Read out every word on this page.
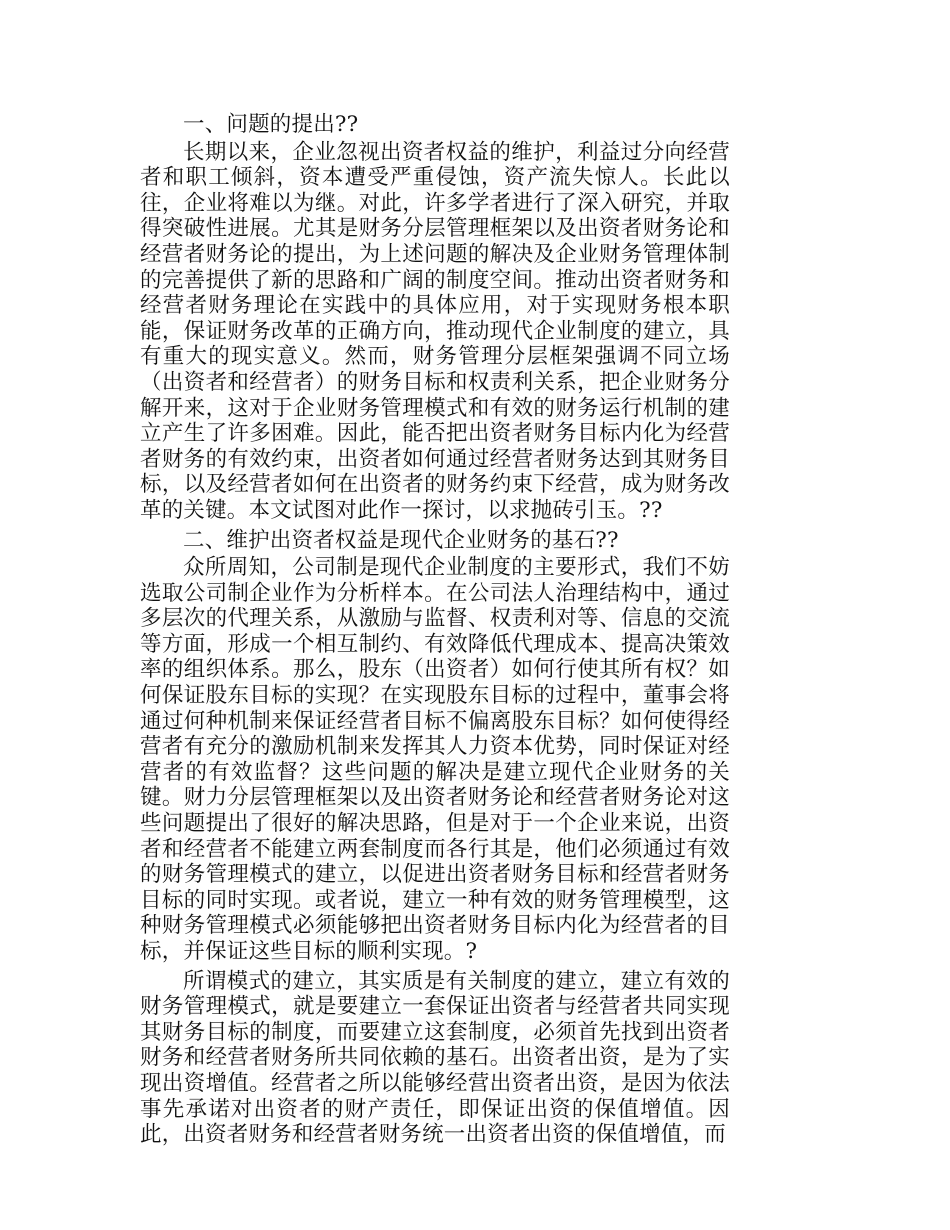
一、问题的提出??

长期以来，企业忽视出资者权益的维护，利益过分向经营者和职工倾斜，资本遭受严重侵蚀，资产流失惊人。长此以往，企业将难以为继。对此，许多学者进行了深入研究，并取得突破性进展。尤其是财务分层管理框架以及出资者财务论和经营者财务论的提出，为上述问题的解决及企业财务管理体制的完善提供了新的思路和广阔的制度空间。推动出资者财务和经营者财务理论在实践中的具体应用，对于实现财务根本职能，保证财务改革的正确方向，推动现代企业制度的建立，具有重大的现实意义。然而，财务管理分层框架强调不同立场（出资者和经营者）的财务目标和权责利关系，把企业财务分解开来，这对于企业财务管理模式和有效的财务运行机制的建立产生了许多困难。因此，能否把出资者财务目标内化为经营者财务的有效约束，出资者如何通过经营者财务达到其财务目标，以及经营者如何在出资者的财务约束下经营，成为财务改革的关键。本文试图对此作一探讨，以求抛砖引玉。??

二、维护出资者权益是现代企业财务的基石??

众所周知，公司制是现代企业制度的主要形式，我们不妨选取公司制企业作为分析样本。在公司法人治理结构中，通过多层次的代理关系，从激励与监督、权责利对等、信息的交流等方面，形成一个相互制约、有效降低代理成本、提高决策效率的组织体系。那么，股东（出资者）如何行使其所有权？如何保证股东目标的实现？在实现股东目标的过程中，董事会将通过何种机制来保证经营者目标不偏离股东目标？如何使得经营者有充分的激励机制来发挥其人力资本优势，同时保证对经营者的有效监督？这些问题的解决是建立现代企业财务的关键。财力分层管理框架以及出资者财务论和经营者财务论对这些问题提出了很好的解决思路，但是对于一个企业来说，出资者和经营者不能建立两套制度而各行其是，他们必须通过有效的财务管理模式的建立，以促进出资者财务目标和经营者财务目标的同时实现。或者说，建立一种有效的财务管理模型，这种财务管理模式必须能够把出资者财务目标内化为经营者的目标，并保证这些目标的顺利实现。?

所谓模式的建立，其实质是有关制度的建立，建立有效的财务管理模式，就是要建立一套保证出资者与经营者共同实现其财务目标的制度，而要建立这套制度，必须首先找到出资者财务和经营者财务所共同依赖的基石。出资者出资，是为了实现出资增值。经营者之所以能够经营出资者出资，是因为依法事先承诺对出资者的财产责任，即保证出资的保值增值。因此，出资者财务和经营者财务统一出资者出资的保值增值，而
